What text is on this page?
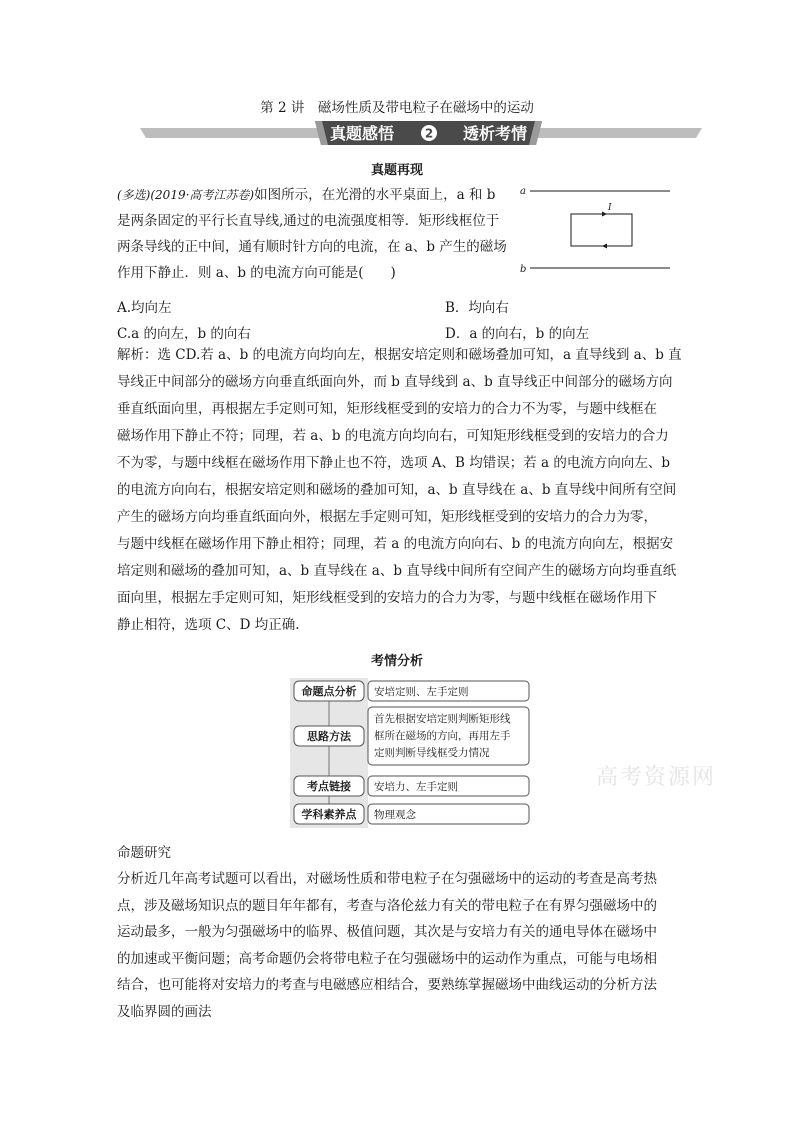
第 2 讲　磁场性质及带电粒子在磁场中的运动
真题感悟	2 透析考情
真题再现
(多选)(2019·高考江苏卷)如图所示，在光滑的水平桌面上，a 和 b
是两条固定的平行长直导线,通过的电流强度相等．矩形线框位于
两条导线的正中间，通有顺时针方向的电流，在 a、b 产生的磁场
作用下静止．则 a、b 的电流方向可能是(　　)
a
I
b
A.均向左	B．均向右
C.a 的向左，b 的向右	D．a 的向右，b 的向左
解析：选 CD.若 a、b 的电流方向均向左，根据安培定则和磁场叠加可知，a 直导线到 a、b 直
导线正中间部分的磁场方向垂直纸面向外，而 b 直导线到 a、b 直导线正中间部分的磁场方向
垂直纸面向里，再根据左手定则可知，矩形线框受到的安培力的合力不为零，与题中线框在
磁场作用下静止不符；同理，若 a、b 的电流方向均向右，可知矩形线框受到的安培力的合力
不为零，与题中线框在磁场作用下静止也不符，选项 A、B 均错误；若 a 的电流方向向左、b
的电流方向向右，根据安培定则和磁场的叠加可知，a、b 直导线在 a、b 直导线中间所有空间
产生的磁场方向均垂直纸面向外，根据左手定则可知，矩形线框受到的安培力的合力为零，
与题中线框在磁场作用下静止相符；同理，若 a 的电流方向向右、b 的电流方向向左，根据安
培定则和磁场的叠加可知，a、b 直导线在 a、b 直导线中间所有空间产生的磁场方向均垂直纸
面向里，根据左手定则可知，矩形线框受到的安培力的合力为零，与题中线框在磁场作用下
静止相符，选项 C、D 均正确.
考情分析
命题点分析 安培定则、左手定则
思路方法
首先根据安培定则判断矩形线
框所在磁场的方向，再用左手
定则判断导线框受力情况
考点链接 安培力、左手定则
学科素养点 物理观念
高考资源网
命题研究
分析近几年高考试题可以看出，对磁场性质和带电粒子在匀强磁场中的运动的考查是高考热
点，涉及磁场知识点的题目年年都有，考查与洛伦兹力有关的带电粒子在有界匀强磁场中的
运动最多，一般为匀强磁场中的临界、极值问题，其次是与安培力有关的通电导体在磁场中
的加速或平衡问题；高考命题仍会将带电粒子在匀强磁场中的运动作为重点，可能与电场相
结合，也可能将对安培力的考查与电磁感应相结合，要熟练掌握磁场中曲线运动的分析方法
及临界圆的画法
